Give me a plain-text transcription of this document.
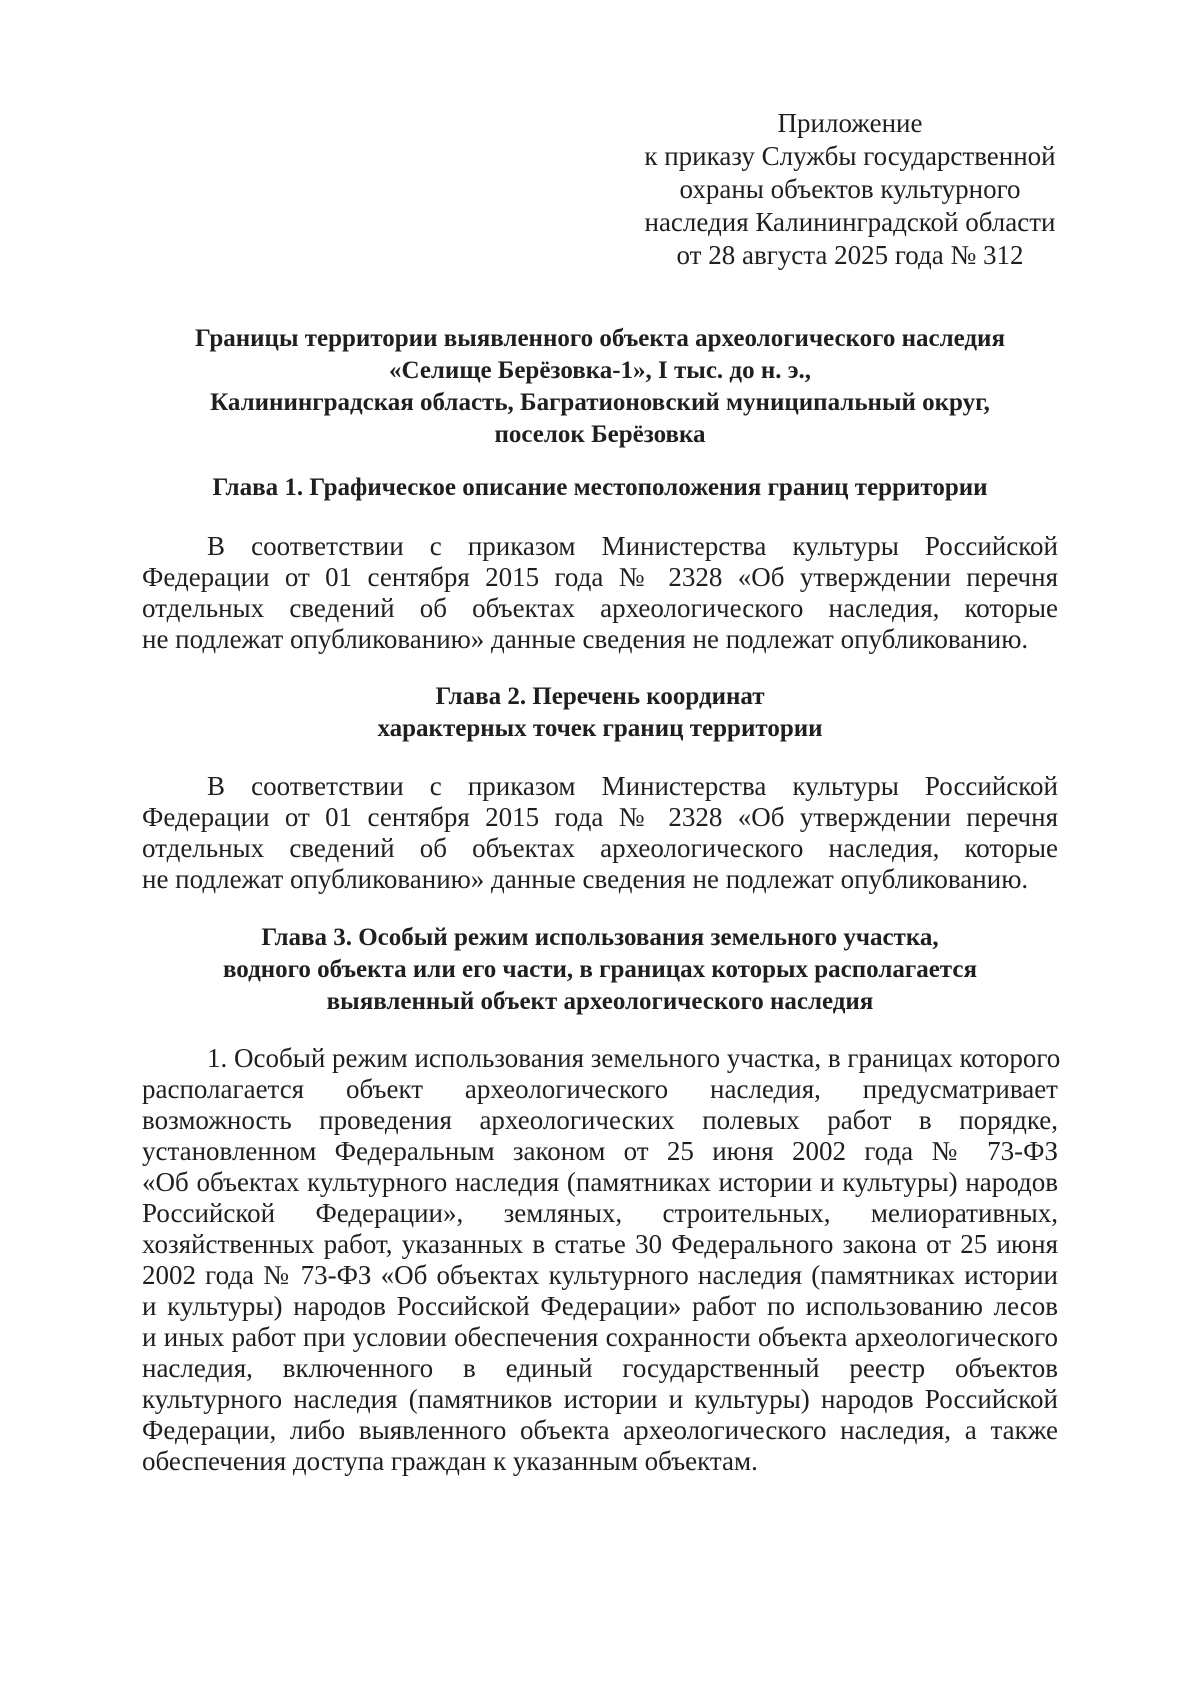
Приложение
к приказу Службы государственной
охраны объектов культурного
наследия Калининградской области
от 28 августа 2025 года № 312
Границы территории выявленного объекта археологического наследия
«Селище Берёзовка-1», I тыс. до н. э.,
Калининградская область, Багратионовский муниципальный округ,
поселок Берёзовка
Глава 1. Графическое описание местоположения границ территории
В соответствии с приказом Министерства культуры Российской
Федерации от 01 сентября 2015 года № 2328 «Об утверждении перечня
отдельных сведений об объектах археологического наследия, которые
не подлежат опубликованию» данные сведения не подлежат опубликованию.
Глава 2. Перечень координат
характерных точек границ территории
В соответствии с приказом Министерства культуры Российской
Федерации от 01 сентября 2015 года № 2328 «Об утверждении перечня
отдельных сведений об объектах археологического наследия, которые
не подлежат опубликованию» данные сведения не подлежат опубликованию.
Глава 3. Особый режим использования земельного участка,
водного объекта или его части, в границах которых располагается
выявленный объект археологического наследия
1. Особый режим использования земельного участка, в границах которого
располагается объект археологического наследия, предусматривает
возможность проведения археологических полевых работ в порядке,
установленном Федеральным законом от 25 июня 2002 года № 73-ФЗ
«Об объектах культурного наследия (памятниках истории и культуры) народов
Российской Федерации», земляных, строительных, мелиоративных,
хозяйственных работ, указанных в статье 30 Федерального закона от 25 июня
2002 года № 73-ФЗ «Об объектах культурного наследия (памятниках истории
и культуры) народов Российской Федерации» работ по использованию лесов
и иных работ при условии обеспечения сохранности объекта археологического
наследия, включенного в единый государственный реестр объектов
культурного наследия (памятников истории и культуры) народов Российской
Федерации, либо выявленного объекта археологического наследия, а также
обеспечения доступа граждан к указанным объектам.
